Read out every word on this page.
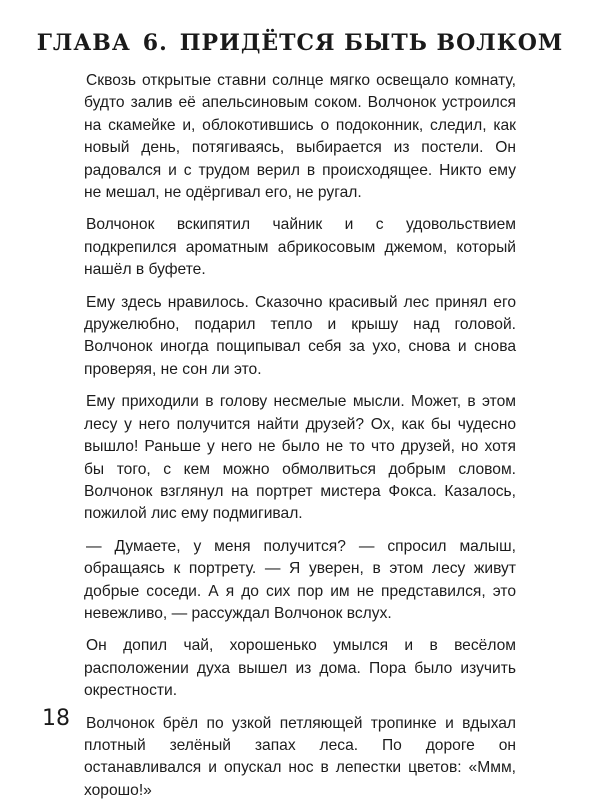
ГЛАВА 6. ПРИДЁТСЯ БЫТЬ ВОЛКОМ

Сквозь открытые ставни солнце мягко освещало комнату, будто залив её апельсиновым соком. Волчонок устроился на скамейке и, облокотившись о подоконник, следил, как новый день, потягиваясь, выбирается из постели. Он радовался и с трудом верил в происходящее. Никто ему не мешал, не одёргивал его, не ругал.

Волчонок вскипятил чайник и с удовольствием подкрепился ароматным абрикосовым джемом, который нашёл в буфете.

Ему здесь нравилось. Сказочно красивый лес принял его дружелюбно, подарил тепло и крышу над головой. Волчонок иногда пощипывал себя за ухо, снова и снова проверяя, не сон ли это.

Ему приходили в голову несмелые мысли. Может, в этом лесу у него получится найти друзей? Ох, как бы чудесно вышло! Раньше у него не было не то что друзей, но хотя бы того, с кем можно обмолвиться добрым словом. Волчонок взглянул на портрет мистера Фокса. Казалось, пожилой лис ему подмигивал.

— Думаете, у меня получится? — спросил малыш, обращаясь к портрету. — Я уверен, в этом лесу живут добрые соседи. А я до сих пор им не представился, это невежливо, — рассуждал Волчонок вслух.

Он допил чай, хорошенько умылся и в весёлом расположении духа вышел из дома. Пора было изучить окрестности.

Волчонок брёл по узкой петляющей тропинке и вдыхал плотный зелёный запах леса. По дороге он останавливался и опускал нос в лепестки цветов: «Ммм, хорошо!»

18
